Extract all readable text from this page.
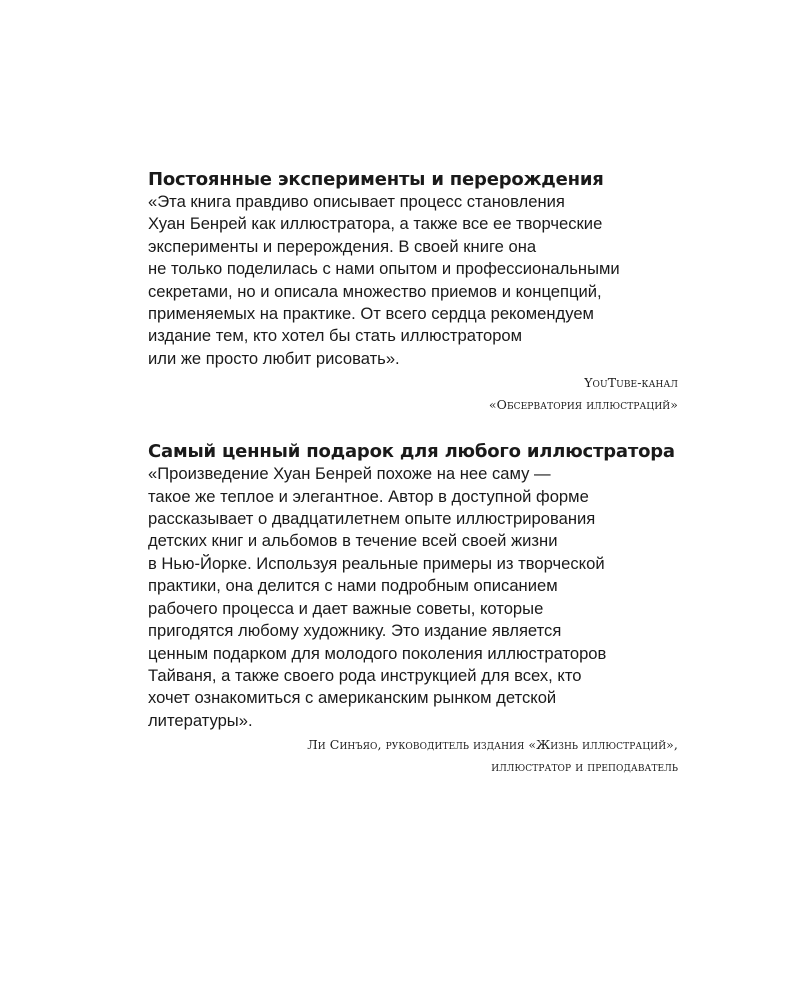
Постоянные эксперименты и перерождения

«Эта книга правдиво описывает процесс становления
Хуан Бенрей как иллюстратора, а также все ее творческие
эксперименты и перерождения. В своей книге она
не только поделилась с нами опытом и профессиональными
секретами, но и описала множество приемов и концепций,
применяемых на практике. От всего сердца рекомендуем
издание тем, кто хотел бы стать иллюстратором
или же просто любит рисовать».

YouTube-канал
«Обсерватория иллюстраций»

Самый ценный подарок для любого иллюстратора

«Произведение Хуан Бенрей похоже на нее саму —
такое же теплое и элегантное. Автор в доступной форме
рассказывает о двадцатилетнем опыте иллюстрирования
детских книг и альбомов в течение всей своей жизни
в Нью-Йорке. Используя реальные примеры из творческой
практики, она делится с нами подробным описанием
рабочего процесса и дает важные советы, которые
пригодятся любому художнику. Это издание является
ценным подарком для молодого поколения иллюстраторов
Тайваня, а также своего рода инструкцией для всех, кто
хочет ознакомиться с американским рынком детской
литературы».

Ли Синъяо, руководитель издания «Жизнь иллюстраций»,
иллюстратор и преподаватель
